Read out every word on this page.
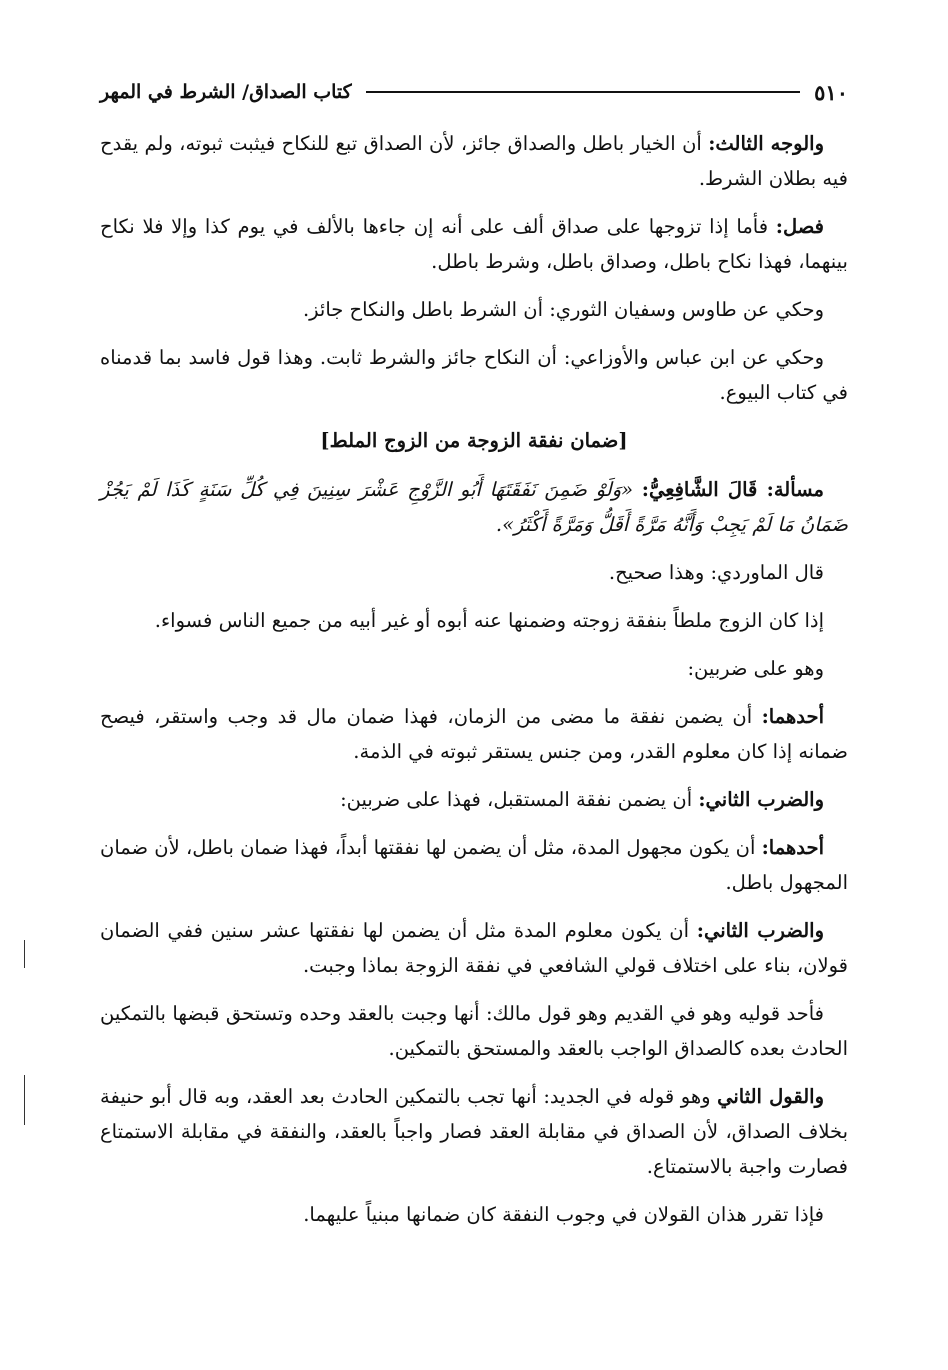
٥١٠
كتاب الصداق/ الشرط في المهر

والوجه الثالث: أن الخيار باطل والصداق جائز، لأن الصداق تبع للنكاح فيثبت ثبوته، ولم يقدح فيه بطلان الشرط.

فصل: فأما إذا تزوجها على صداق ألف على أنه إن جاءها بالألف في يوم كذا وإلا فلا نكاح بينهما، فهذا نكاح باطل، وصداق باطل، وشرط باطل.

وحكي عن طاوس وسفيان الثوري: أن الشرط باطل والنكاح جائز.

وحكي عن ابن عباس والأوزاعي: أن النكاح جائز والشرط ثابت. وهذا قول فاسد بما قدمناه في كتاب البيوع.

[ضمان نفقة الزوجة من الزوج الملط]

مسألة: قَالَ الشَّافِعِيُّ: «وَلَوْ ضَمِنَ نَفَقَتَهَا أَبُو الزَّوْجِ عَشْرَ سِنِينَ فِي كُلِّ سَنَةٍ كَذَا لَمْ يَجُزْ ضَمَانُ مَا لَمْ يَجِبْ وَأَنَّهُ مَرَّةً أَقَلُّ وَمَرَّةً أَكْثَرُ».

قال الماوردي: وهذا صحيح.

إذا كان الزوج ملطاً بنفقة زوجته وضمنها عنه أبوه أو غير أبيه من جميع الناس فسواء.

وهو على ضربين:

أحدهما: أن يضمن نفقة ما مضى من الزمان، فهذا ضمان مال قد وجب واستقر، فيصح ضمانه إذا كان معلوم القدر، ومن جنس يستقر ثبوته في الذمة.

والضرب الثاني: أن يضمن نفقة المستقبل، فهذا على ضربين:

أحدهما: أن يكون مجهول المدة، مثل أن يضمن لها نفقتها أبداً، فهذا ضمان باطل، لأن ضمان المجهول باطل.

والضرب الثاني: أن يكون معلوم المدة مثل أن يضمن لها نفقتها عشر سنين ففي الضمان قولان، بناء على اختلاف قولي الشافعي في نفقة الزوجة بماذا وجبت.

فأحد قوليه وهو في القديم وهو قول مالك: أنها وجبت بالعقد وحده وتستحق قبضها بالتمكين الحادث بعده كالصداق الواجب بالعقد والمستحق بالتمكين.

والقول الثاني وهو قوله في الجديد: أنها تجب بالتمكين الحادث بعد العقد، وبه قال أبو حنيفة بخلاف الصداق، لأن الصداق في مقابلة العقد فصار واجباً بالعقد، والنفقة في مقابلة الاستمتاع فصارت واجبة بالاستمتاع.

فإذا تقرر هذان القولان في وجوب النفقة كان ضمانها مبنياً عليهما.
